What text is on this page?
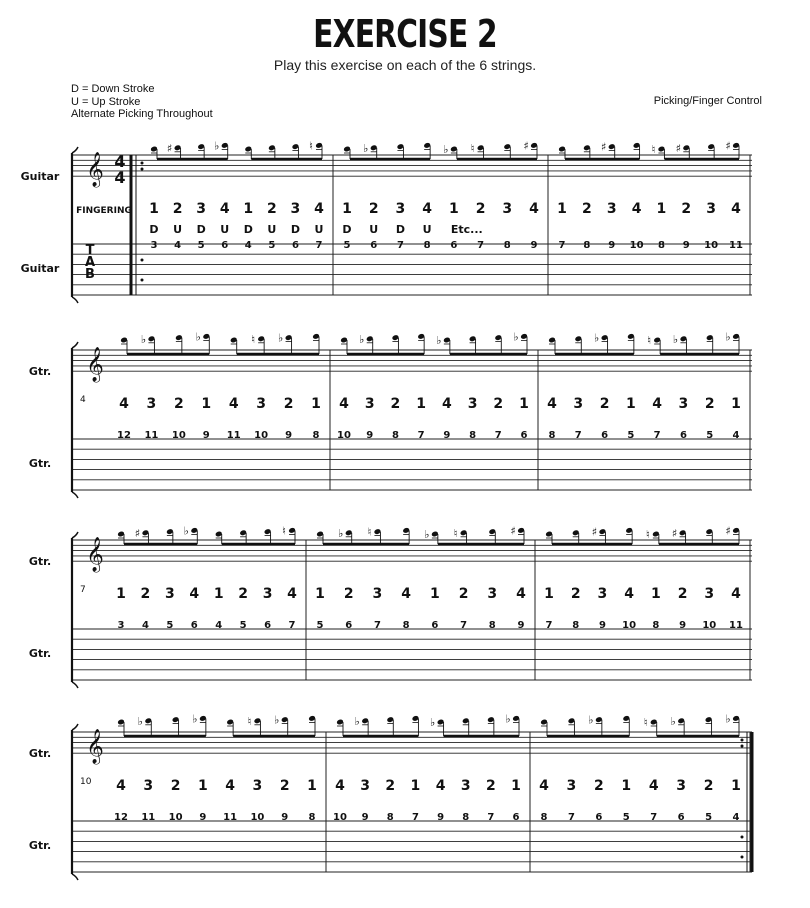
EXERCISE 2
Play this exercise on each of the 6 strings.
D = Down Stroke
U = Up Stroke
Alternate Picking Throughout
Picking/Finger Control
𝄞
Guitar
Guitar
4
4
T
A
B
FINGERING
♯	♭	♮
1 2 3 4 1 2 3 4
D U D U D U D U
3 4 5 6 4 5 6 7
♭	♭ ♮	♯
1 2 3 4 1 2 3 4
D U D U Etc...
5 6 7 8 6 7 8 9
♯	♮ ♯	♯
1 2 3 4 1 2 3 4
7 8 9 10 8 9 10 11
𝄞
Gtr.
Gtr.
4
♭	♭	♮ ♭
4 3 2 1 4 3 2 1
12 11 10 9 11 10 9 8
♭	♭	♭
4 3 2 1 4 3 2 1
10 9 8 7 9 8 7 6
♭	♮ ♭	♭
4 3 2 1 4 3 2 1
8 7 6 5 7 6 5 4
𝄞
Gtr.
Gtr.
7
♯	♭	♮
1 2 3 4 1 2 3 4
3 4 5 6 4 5 6 7
♭ ♮	♭ ♮	♯
1 2 3 4 1 2 3 4
5 6 7 8 6 7 8 9
♯	♮ ♯	♯
1 2 3 4 1 2 3 4
7 8 9 10 8 9 10 11
𝄞
Gtr.
Gtr.
10
♭	♭	♮ ♭
4 3 2 1 4 3 2 1
12 11 10 9 11 10 9 8
♭	♭	♭
4 3 2 1 4 3 2 1
10 9 8 7 9 8 7 6
♭	♮ ♭	♭
4 3 2 1 4 3 2 1
8 7 6 5 7 6 5 4
